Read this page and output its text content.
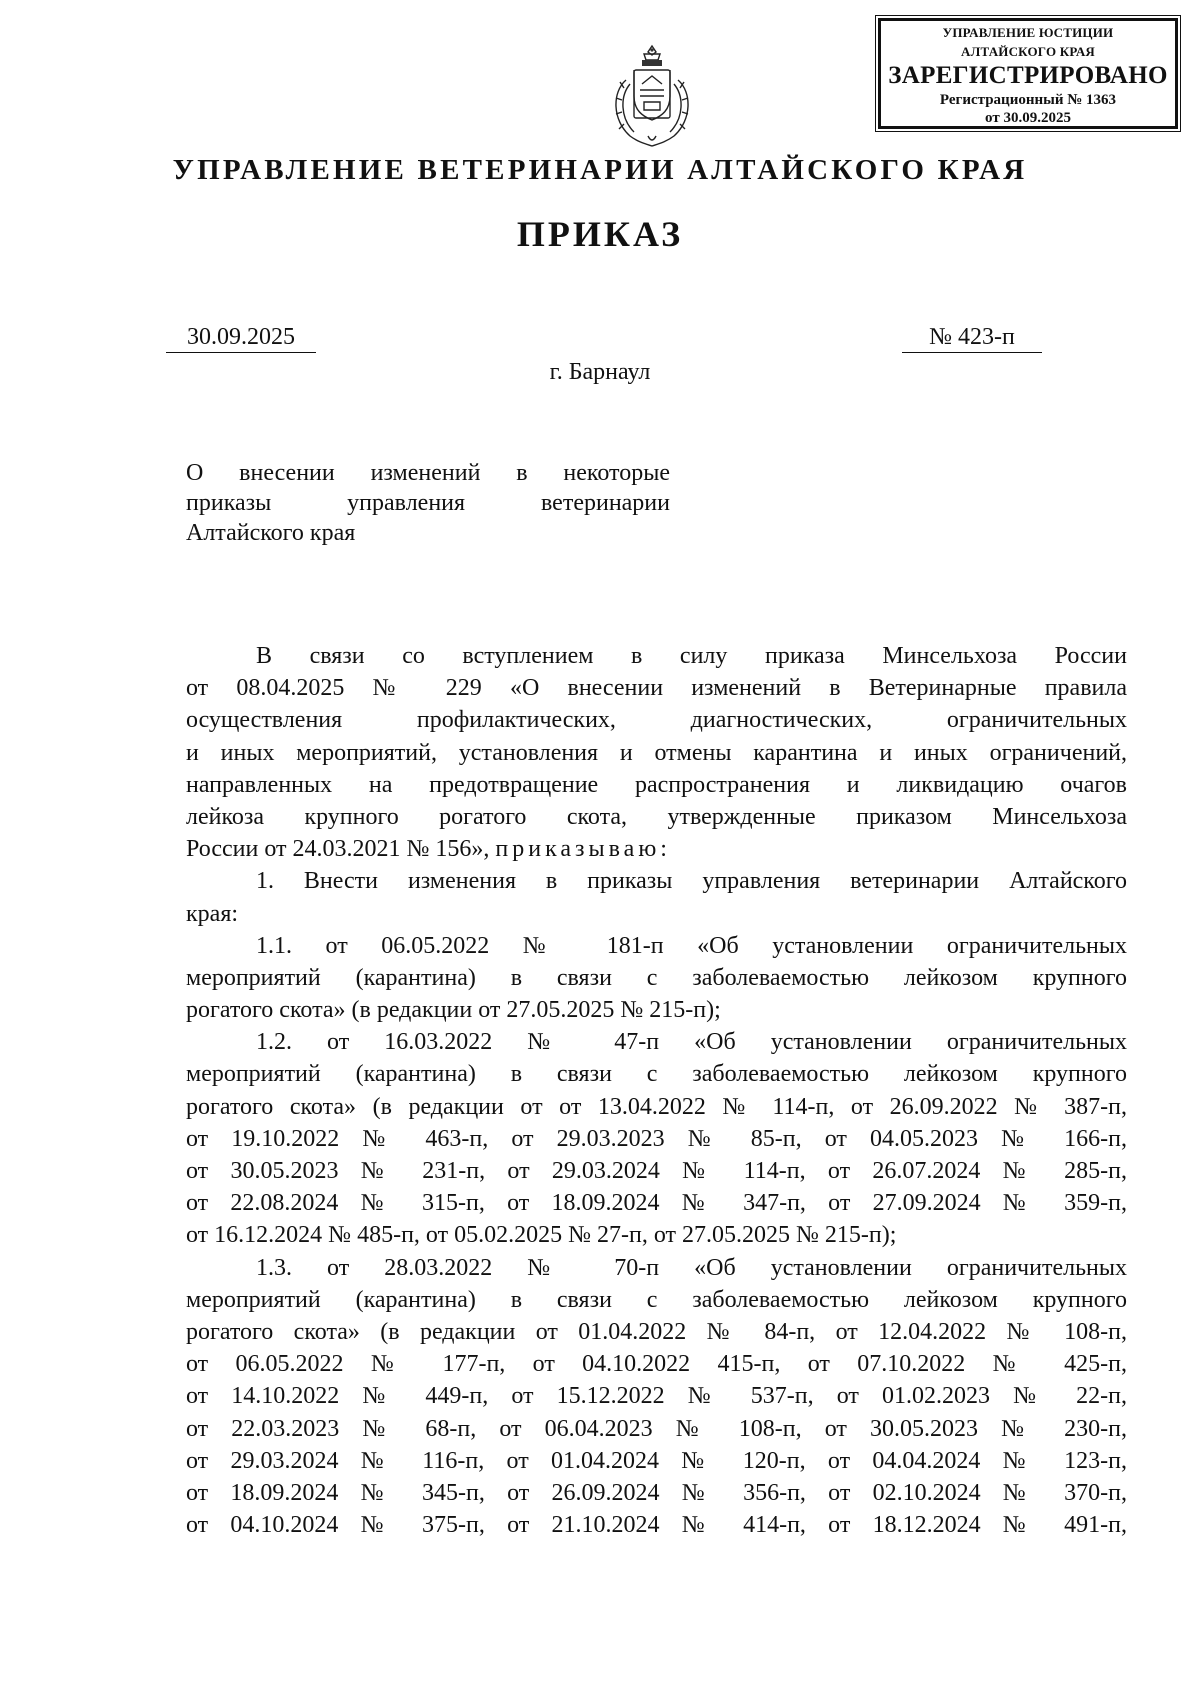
УПРАВЛЕНИЕ ЮСТИЦИИ
АЛТАЙСКОГО КРАЯ
ЗАРЕГИСТРИРОВАНО
Регистрационный № 1363
от 30.09.2025
УПРАВЛЕНИЕ ВЕТЕРИНАРИИ АЛТАЙСКОГО КРАЯ
ПРИКАЗ
30.09.2025	№ 423-п
г. Барнаул
О внесении изменений в некоторые
приказы управления ветеринарии
Алтайского края
В связи со вступлением в силу приказа Минсельхоза России
от 08.04.2025 № 229 «О внесении изменений в Ветеринарные правила
осуществления профилактических, диагностических, ограничительных
и иных мероприятий, установления и отмены карантина и иных ограничений,
направленных на предотвращение распространения и ликвидацию очагов
лейкоза крупного рогатого скота, утвержденные приказом Минсельхоза
России от 24.03.2021 № 156», приказываю:
1. Внести изменения в приказы управления ветеринарии Алтайского
края:
1.1. от 06.05.2022 № 181-п «Об установлении ограничительных
мероприятий (карантина) в связи с заболеваемостью лейкозом крупного
рогатого скота» (в редакции от 27.05.2025 № 215-п);
1.2. от 16.03.2022 № 47-п «Об установлении ограничительных
мероприятий (карантина) в связи с заболеваемостью лейкозом крупного
рогатого скота» (в редакции от от 13.04.2022 № 114-п, от 26.09.2022 № 387-п,
от 19.10.2022 № 463-п, от 29.03.2023 № 85-п, от 04.05.2023 № 166-п,
от 30.05.2023 № 231-п, от 29.03.2024 № 114-п, от 26.07.2024 № 285-п,
от 22.08.2024 № 315-п, от 18.09.2024 № 347-п, от 27.09.2024 № 359-п,
от 16.12.2024 № 485-п, от 05.02.2025 № 27-п, от 27.05.2025 № 215-п);
1.3. от 28.03.2022 № 70-п «Об установлении ограничительных
мероприятий (карантина) в связи с заболеваемостью лейкозом крупного
рогатого скота» (в редакции от 01.04.2022 № 84-п, от 12.04.2022 № 108-п,
от 06.05.2022 № 177-п, от 04.10.2022 415-п, от 07.10.2022 № 425-п,
от 14.10.2022 № 449-п, от 15.12.2022 № 537-п, от 01.02.2023 № 22-п,
от 22.03.2023 № 68-п, от 06.04.2023 № 108-п, от 30.05.2023 № 230-п,
от 29.03.2024 № 116-п, от 01.04.2024 № 120-п, от 04.04.2024 № 123-п,
от 18.09.2024 № 345-п, от 26.09.2024 № 356-п, от 02.10.2024 № 370-п,
от 04.10.2024 № 375-п, от 21.10.2024 № 414-п, от 18.12.2024 № 491-п,
